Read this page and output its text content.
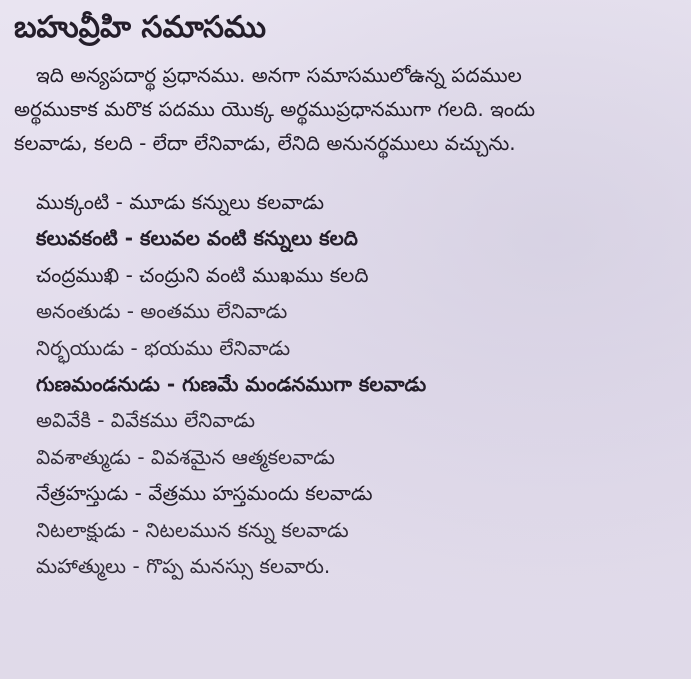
బహువ్రీహి సమాసము
ఇది అన్యపదార్థ ప్రధానము. అనగా సమాసములోఉన్న పదముల
అర్థముకాక మరొక పదము యొక్క అర్థముప్రధానముగా గలది. ఇందు
కలవాడు, కలది - లేదా లేనివాడు, లేనిది అనునర్థములు వచ్చును.
ముక్కంటి - మూడు కన్నులు కలవాడు
కలువకంటి - కలువల వంటి కన్నులు కలది
చంద్రముఖి - చంద్రుని వంటి ముఖము కలది
అనంతుడు - అంతము లేనివాడు
నిర్భయుడు - భయము లేనివాడు
గుణమండనుడు - గుణమే మండనముగా కలవాడు
అవివేకి - వివేకము లేనివాడు
వివశాత్ముడు - వివశమైన ఆత్మకలవాడు
నేత్రహస్తుడు - వేత్రము హస్తమందు కలవాడు
నిటలాక్షుడు - నిటలమున కన్ను కలవాడు
మహాత్ములు - గొప్ప మనస్సు కలవారు.
